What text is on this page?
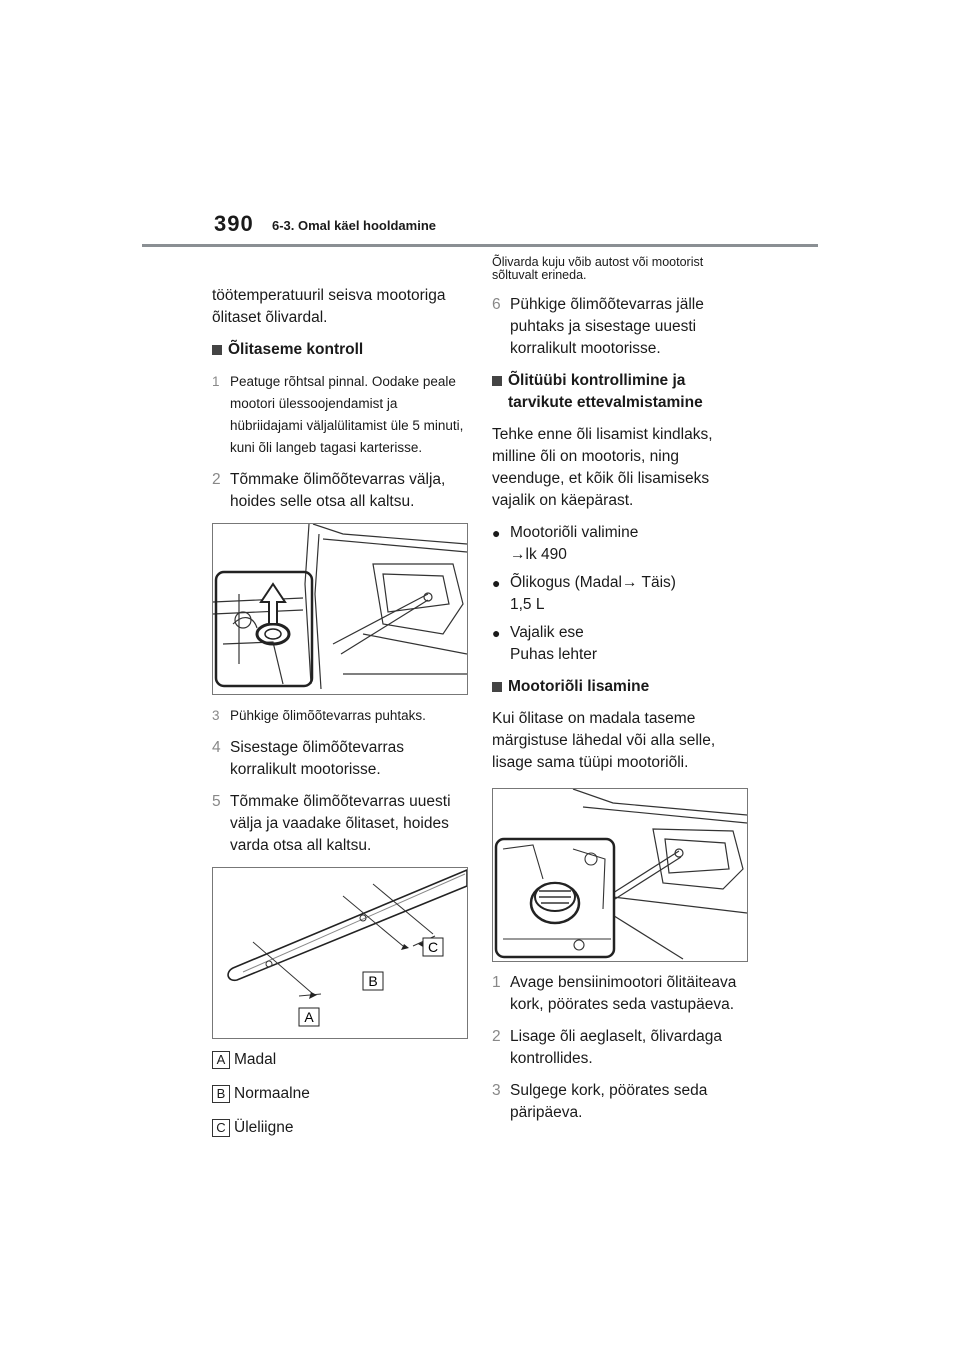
390 6-3. Omal käel hooldamine

töötemperatuuril seisva mootoriga õlitaset õlivardal.

Õlitaseme kontroll
1 Peatuge rõhtsal pinnal. Oodake peale mootori ülessoojendamist ja hübriidajami väljalülitamist üle 5 minuti, kuni õli langeb tagasi karterisse.
2 Tõmmake õlimõõtevarras välja, hoides selle otsa all kaltsu.
3 Pühkige õlimõõtevarras puhtaks.
4 Sisestage õlimõõtevarras korralikult mootorisse.
5 Tõmmake õlimõõtevarras uuesti välja ja vaadake õlitaset, hoides varda otsa all kaltsu.
A
B
C
A Madal
B Normaalne
C Üleliigne

Õlivarda kuju võib autost või mootorist sõltuvalt erineda.

6 Pühkige õlimõõtevarras jälle puhtaks ja sisestage uuesti korralikult mootorisse.
Õlitüübi kontrollimine ja tarvikute ettevalmistamine

Tehke enne õli lisamist kindlaks, milline õli on mootoris, ning veenduge, et kõik õli lisamiseks vajalik on käepärast.

● Mootoriõli valimine
→lk 490
● Õlikogus (Madal→ Täis)
1,5 L
● Vajalik ese
Puhas lehter
Mootoriõli lisamine

Kui õlitase on madala taseme märgistuse lähedal või alla selle, lisage sama tüüpi mootoriõli.

1 Avage bensiinimootori õlitäiteava kork, pöörates seda vastupäeva.
2 Lisage õli aeglaselt, õlivardaga kontrollides.
3 Sulgege kork, pöörates seda päripäeva.
